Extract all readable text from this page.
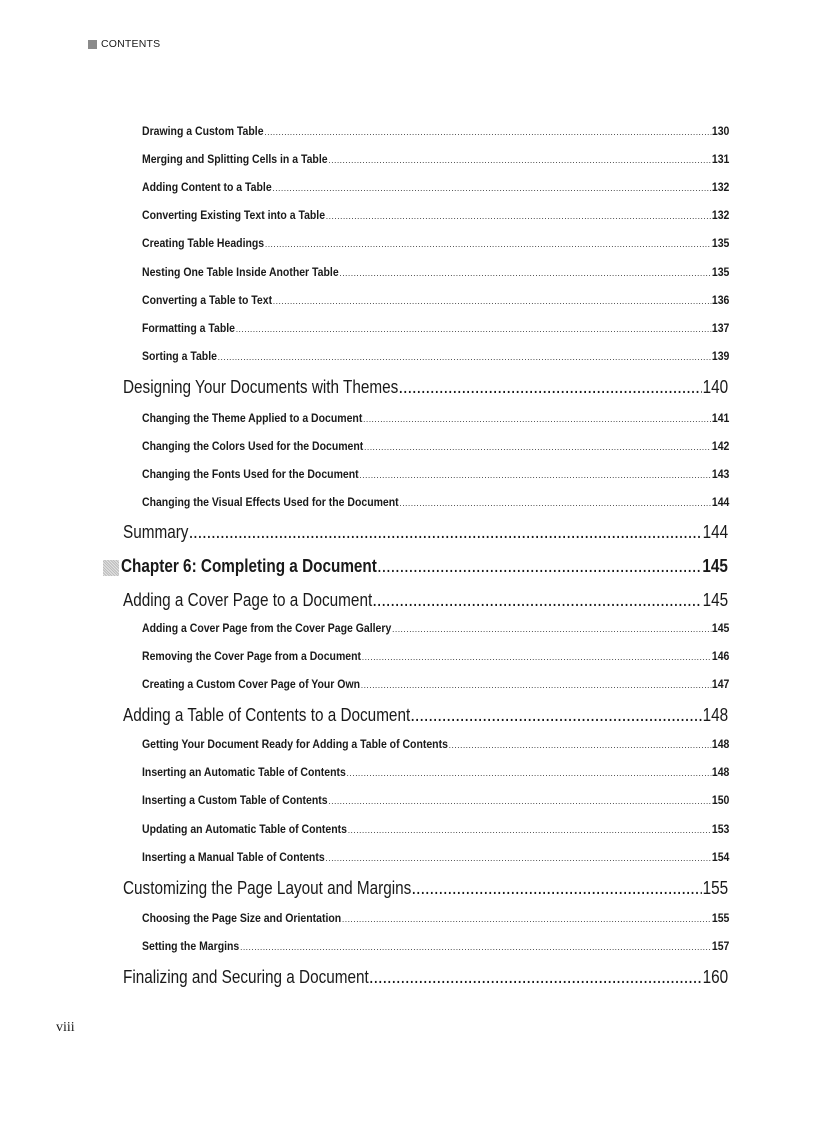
CONTENTS
Drawing a Custom Table .....	130
Merging and Splitting Cells in a Table .....	131
Adding Content to a Table .....	132
Converting Existing Text into a Table .....	132
Creating Table Headings .....	135
Nesting One Table Inside Another Table .....	135
Converting a Table to Text .....	136
Formatting a Table .....	137
Sorting a Table .....	139
Designing Your Documents with Themes .....	140
Changing the Theme Applied to a Document .....	141
Changing the Colors Used for the Document .....	142
Changing the Fonts Used for the Document .....	143
Changing the Visual Effects Used for the Document .....	144
Summary .....	144
Chapter 6: Completing a Document .....	145
Adding a Cover Page to a Document .....	145
Adding a Cover Page from the Cover Page Gallery .....	145
Removing the Cover Page from a Document .....	146
Creating a Custom Cover Page of Your Own .....	147
Adding a Table of Contents to a Document .....	148
Getting Your Document Ready for Adding a Table of Contents .....	148
Inserting an Automatic Table of Contents .....	148
Inserting a Custom Table of Contents .....	150
Updating an Automatic Table of Contents .....	153
Inserting a Manual Table of Contents .....	154
Customizing the Page Layout and Margins .....	155
Choosing the Page Size and Orientation .....	155
Setting the Margins .....	157
Finalizing and Securing a Document .....	160
viii
